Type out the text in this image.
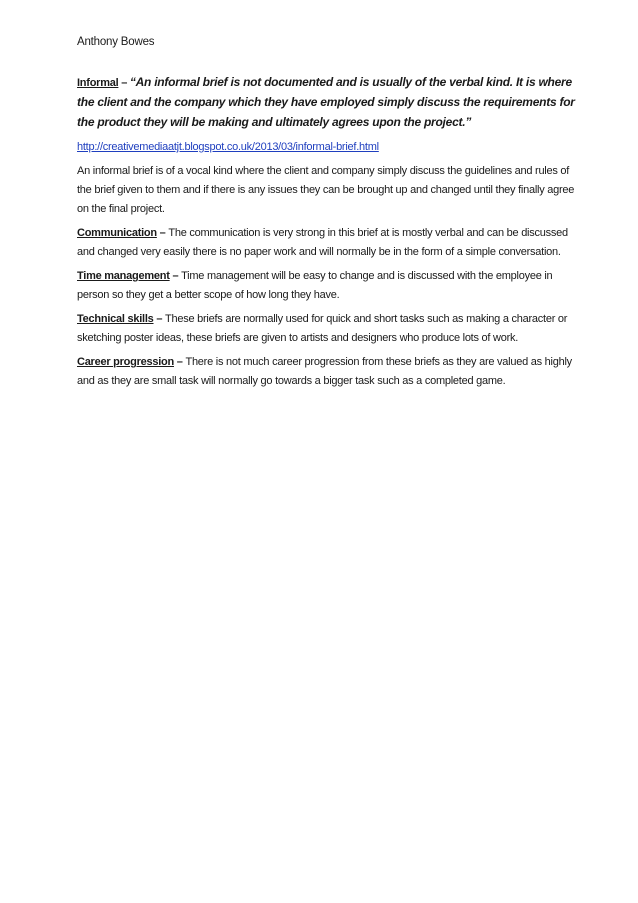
Anthony Bowes

Informal – “An informal brief is not documented and is usually of the verbal kind. It is where the client and the company which they have employed simply discuss the requirements for the product they will be making and ultimately agrees upon the project.”

http://creativemediaatjt.blogspot.co.uk/2013/03/informal-brief.html

An informal brief is of a vocal kind where the client and company simply discuss the guidelines and rules of the brief given to them and if there is any issues they can be brought up and changed until they finally agree on the final project.

Communication – The communication is very strong in this brief at is mostly verbal and can be discussed and changed very easily there is no paper work and will normally be in the form of a simple conversation.

Time management – Time management will be easy to change and is discussed with the employee in person so they get a better scope of how long they have.

Technical skills – These briefs are normally used for quick and short tasks such as making a character or sketching poster ideas, these briefs are given to artists and designers who produce lots of work.

Career progression – There is not much career progression from these briefs as they are valued as highly and as they are small task will normally go towards a bigger task such as a completed game.
